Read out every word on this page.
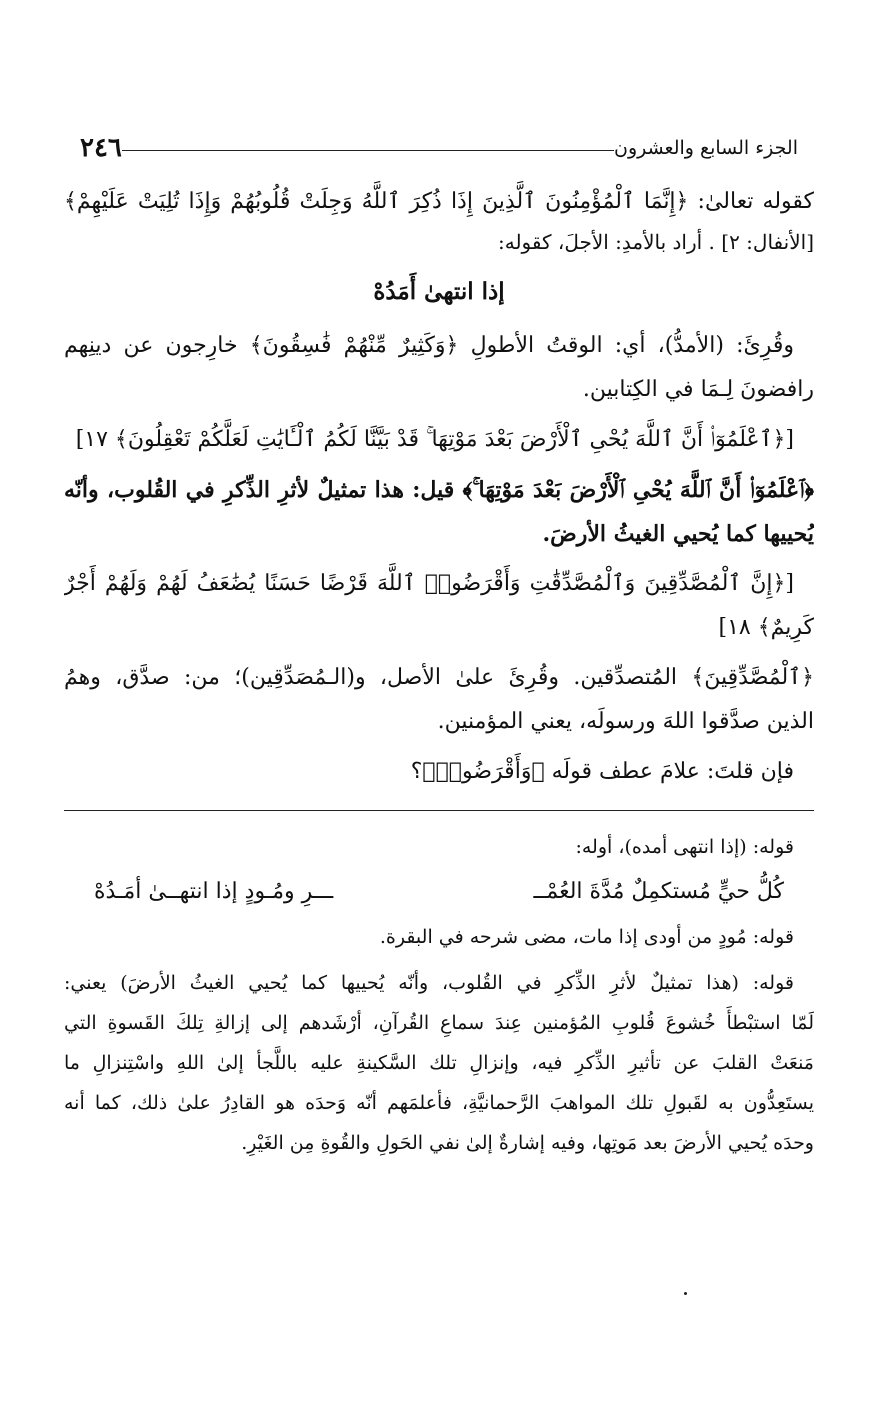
الجزء السابع والعشرون
٢٤٦
كقوله تعالىٰ: ﴿إِنَّمَا ٱلْمُؤْمِنُونَ ٱلَّذِينَ إِذَا ذُكِرَ ٱللَّهُ وَجِلَتْ قُلُوبُهُمْ وَإِذَا تُلِيَتْ عَلَيْهِمْ﴾
[الأنفال: ٢] . أراد بالأمدِ: الأجلَ، كقوله:
إذا انتهىٰ أَمَدُهْ
وقُرِئَ: (الأمدُّ)، أي: الوقتُ الأطولِ ﴿وَكَثِيرٌ مِّنْهُمْ فَٰسِقُونَ﴾ خارِجون عن دينِهم
رافضونَ لِـمَا في الكِتابين.
[﴿ٱعْلَمُوٓا۟ أَنَّ ٱللَّهَ يُحْىِ ٱلْأَرْضَ بَعْدَ مَوْتِهَا ۚ قَدْ بَيَّنَّا لَكُمُ ٱلْـَٔايَٰتِ لَعَلَّكُمْ تَعْقِلُونَ﴾ ١٧]
﴿ٱعْلَمُوٓا۟ أَنَّ ٱللَّهَ يُحْىِ ٱلْأَرْضَ بَعْدَ مَوْتِهَا ۚ﴾ قيل: هذا تمثيلٌ لأثرِ الذِّكرِ في القُلوب، وأنّه
يُحييها كما يُحيي الغيثُ الأرضَ.
[﴿إِنَّ ٱلْمُصَّدِّقِينَ وَٱلْمُصَّدِّقَٰتِ وَأَقْرَضُوا۟ ٱللَّهَ قَرْضًا حَسَنًا يُضَٰعَفُ لَهُمْ وَلَهُمْ أَجْرٌ
كَرِيمٌ﴾ ١٨]
﴿ٱلْمُصَّدِّقِينَ﴾ المُتصدِّقين. وقُرِئَ علىٰ الأصل، و(الـمُصَدِّقِين)؛ من: صدَّق، وهمُ
الذين صدَّقوا اللهَ ورسولَه، يعني المؤمنين.
فإن قلتَ: علامَ عطف قولَه ﴿وَأَقْرَضُوا۟﴾؟
قوله: (إذا انتهى أمده)، أوله:
كُلُّ حيٍّ مُستكمِلٌ مُدَّةَ العُمْــ
ـــرِ ومُـودٍ إذا انتهــىٰ أمَـدُهْ
قوله: مُودٍ من أودى إذا مات، مضى شرحه في البقرة.
قوله: (هذا تمثيلٌ لأثرِ الذِّكرِ في القُلوب، وأنّه يُحييها كما يُحيي الغيثُ الأرضَ) يعني:
لَمّا استبْطأَ خُشوعَ قُلوبِ المُؤمنين عِندَ سماعِ القُرآنِ، أرْشَدهم إلى إزالةِ تِلكَ القَسوةِ التي
مَنعَتْ القلبَ عن تأثيرِ الذِّكرِ فيه، وإنزالِ تلك السَّكينةِ عليه باللَّجأ إلىٰ اللهِ واسْتِنزالِ ما
يستَعِدُّون به لقَبولِ تلك المواهبَ الرَّحمانيَّةِ، فأعلمَهم أنّه وَحدَه هو القادِرُ علىٰ ذلك، كما أنه
وحدَه يُحيي الأرضَ بعد مَوتِها، وفيه إشارةٌ إلىٰ نفي الحَولِ والقُوةِ مِن الغَيْرِ.
